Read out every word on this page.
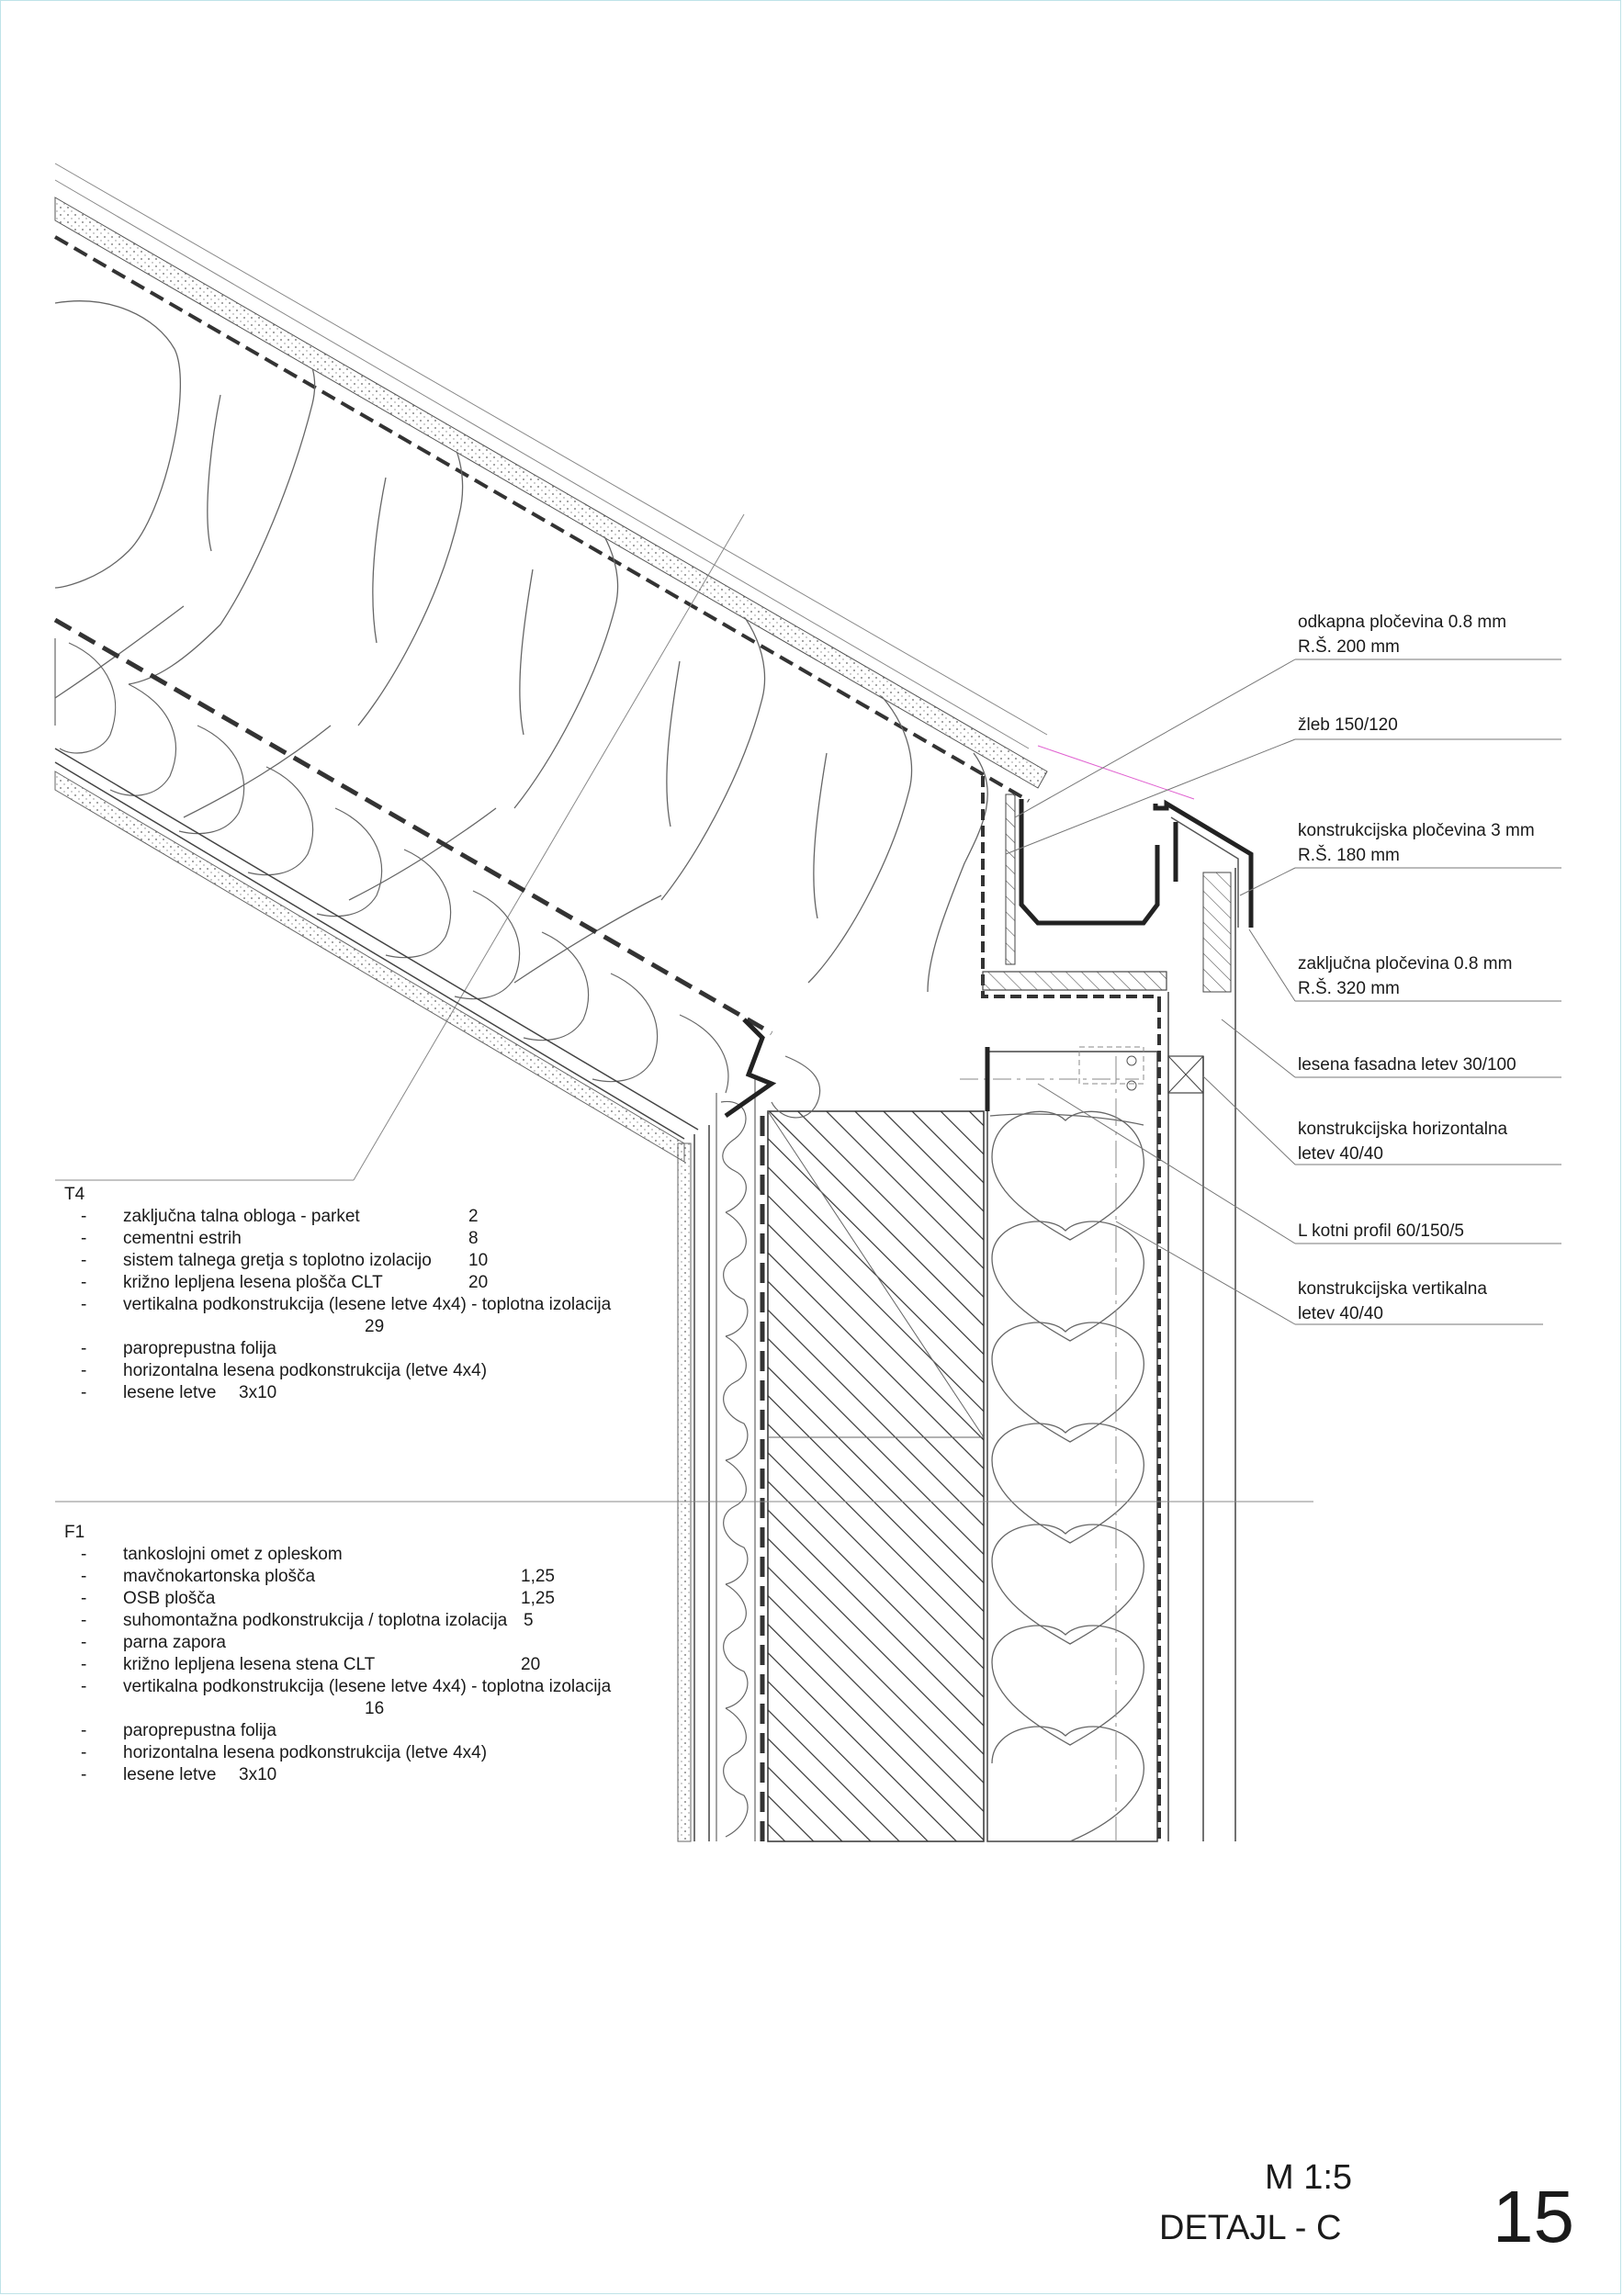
odkapna pločevina 0.8 mm
R.Š. 200 mm
žleb 150/120
konstrukcijska pločevina 3 mm
R.Š. 180 mm
zaključna pločevina 0.8 mm
R.Š. 320 mm
lesena fasadna letev 30/100
konstrukcijska horizontalna
letev 40/40
L kotni profil 60/150/5
konstrukcijska vertikalna
letev 40/40
T4
- zaključna talna obloga - parket	2
- cementni estrih	8
- sistem talnega gretja s toplotno izolacijo 10
- križno lepljena lesena plošča CLT	20
- vertikalna podkonstrukcija (lesene letve 4x4) - toplotna izolacija
29
- paroprepustna folija
- horizontalna lesena podkonstrukcija (letve 4x4)
- lesene letve 3x10
F1
- tankoslojni omet z opleskom
- mavčnokartonska plošča	1,25
- OSB plošča	1,25
- suhomontažna podkonstrukcija / toplotna izolacija 5
- parna zapora
- križno lepljena lesena stena CLT	20
- vertikalna podkonstrukcija (lesene letve 4x4) - toplotna izolacija
16
- paroprepustna folija
- horizontalna lesena podkonstrukcija (letve 4x4)
- lesene letve 3x10
M 1:5
DETAJL - C 15
